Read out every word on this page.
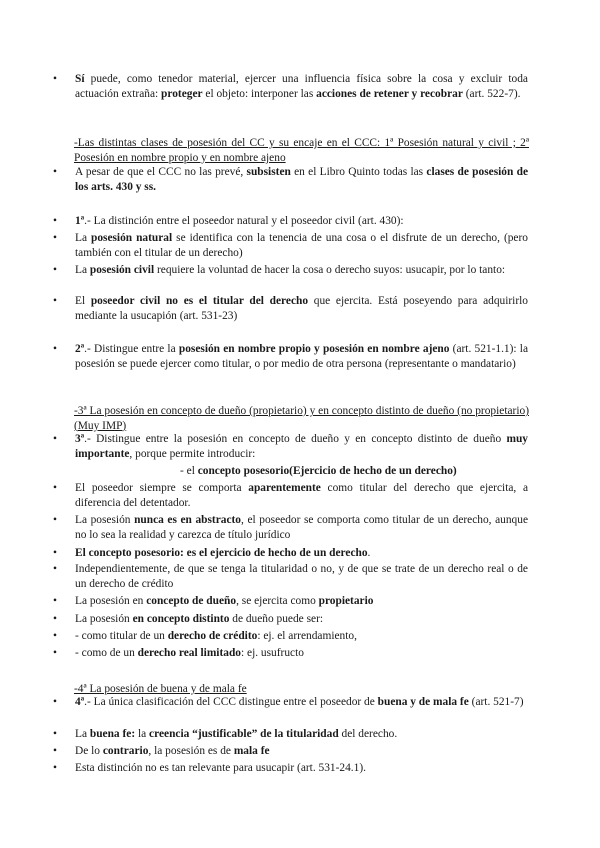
• Sí puede, como tenedor material, ejercer una influencia física sobre la cosa y excluir toda actuación extraña: proteger el objeto: interponer las acciones de retener y recobrar (art. 522-7).
-Las distintas clases de posesión del CC y su encaje en el CCC: 1ª Posesión natural y civil ; 2ª Posesión en nombre propio y en nombre ajeno
• A pesar de que el CCC no las prevé, subsisten en el Libro Quinto todas las clases de posesión de los arts. 430 y ss.
• 1ª.- La distinción entre el poseedor natural y el poseedor civil (art. 430):
• La posesión natural se identifica con la tenencia de una cosa o el disfrute de un derecho, (pero también con el titular de un derecho)
• La posesión civil requiere la voluntad de hacer la cosa o derecho suyos: usucapir, por lo tanto:
• El poseedor civil no es el titular del derecho que ejercita. Está poseyendo para adquirirlo mediante la usucapión (art. 531-23)
• 2ª.- Distingue entre la posesión en nombre propio y posesión en nombre ajeno (art. 521-1.1): la posesión se puede ejercer como titular, o por medio de otra persona (representante o mandatario)
-3ª La posesión en concepto de dueño (propietario) y en concepto distinto de dueño (no propietario)(Muy IMP)
• 3ª.- Distingue entre la posesión en concepto de dueño y en concepto distinto de dueño muy importante, porque permite introducir:
- el concepto posesorio(Ejercicio de hecho de un derecho)
• El poseedor siempre se comporta aparentemente como titular del derecho que ejercita, a diferencia del detentador.
• La posesión nunca es en abstracto, el poseedor se comporta como titular de un derecho, aunque no lo sea la realidad y carezca de título jurídico
• El concepto posesorio: es el ejercicio de hecho de un derecho.
• Independientemente, de que se tenga la titularidad o no, y de que se trate de un derecho real o de un derecho de crédito
• La posesión en concepto de dueño, se ejercita como propietario
• La posesión en concepto distinto de dueño puede ser:
• - como titular de un derecho de crédito: ej. el arrendamiento,
• - como de un derecho real limitado: ej. usufructo
-4ª La posesión de buena y de mala fe
• 4ª.- La única clasificación del CCC distingue entre el poseedor de buena y de mala fe (art. 521-7)
• La buena fe: la creencia “justificable” de la titularidad del derecho.
• De lo contrario, la posesión es de mala fe
• Esta distinción no es tan relevante para usucapir (art. 531-24.1).
